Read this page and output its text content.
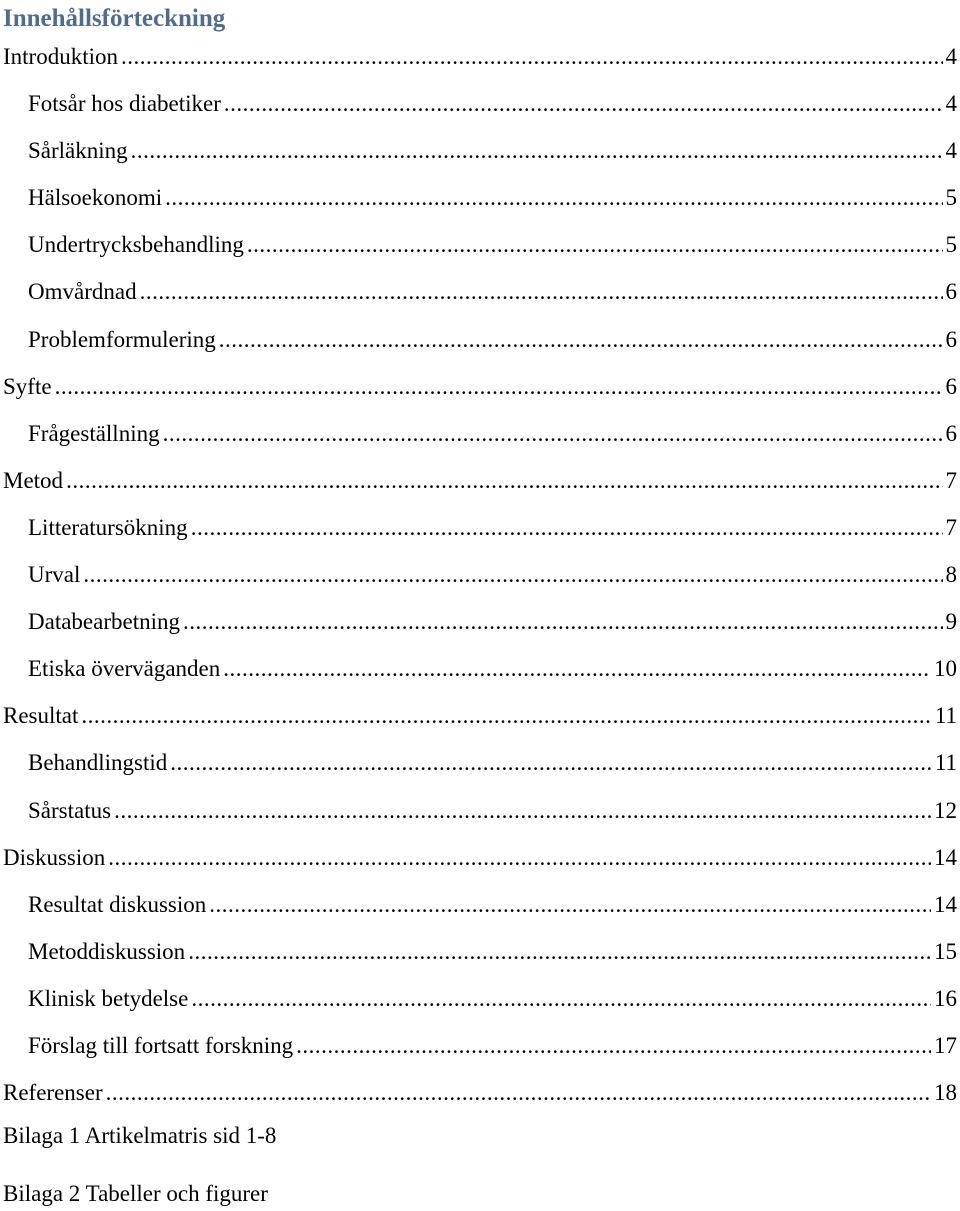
Innehållsförteckning
Introduktion .....	4
Fotsår hos diabetiker .....	4
Sårläkning .....	4
Hälsoekonomi .....	5
Undertrycksbehandling .....	5
Omvårdnad .....	6
Problemformulering .....	6
Syfte .....	6
Frågeställning .....	6
Metod .....	7
Litteratursökning .....	7
Urval .....	8
Databearbetning .....	9
Etiska överväganden .....	10
Resultat .....	11
Behandlingstid .....	11
Sårstatus .....	12
Diskussion .....	14
Resultat diskussion .....	14
Metoddiskussion .....	15
Klinisk betydelse .....	16
Förslag till fortsatt forskning .....	17
Referenser .....	18

Bilaga 1 Artikelmatris sid 1-8

Bilaga 2 Tabeller och figurer
